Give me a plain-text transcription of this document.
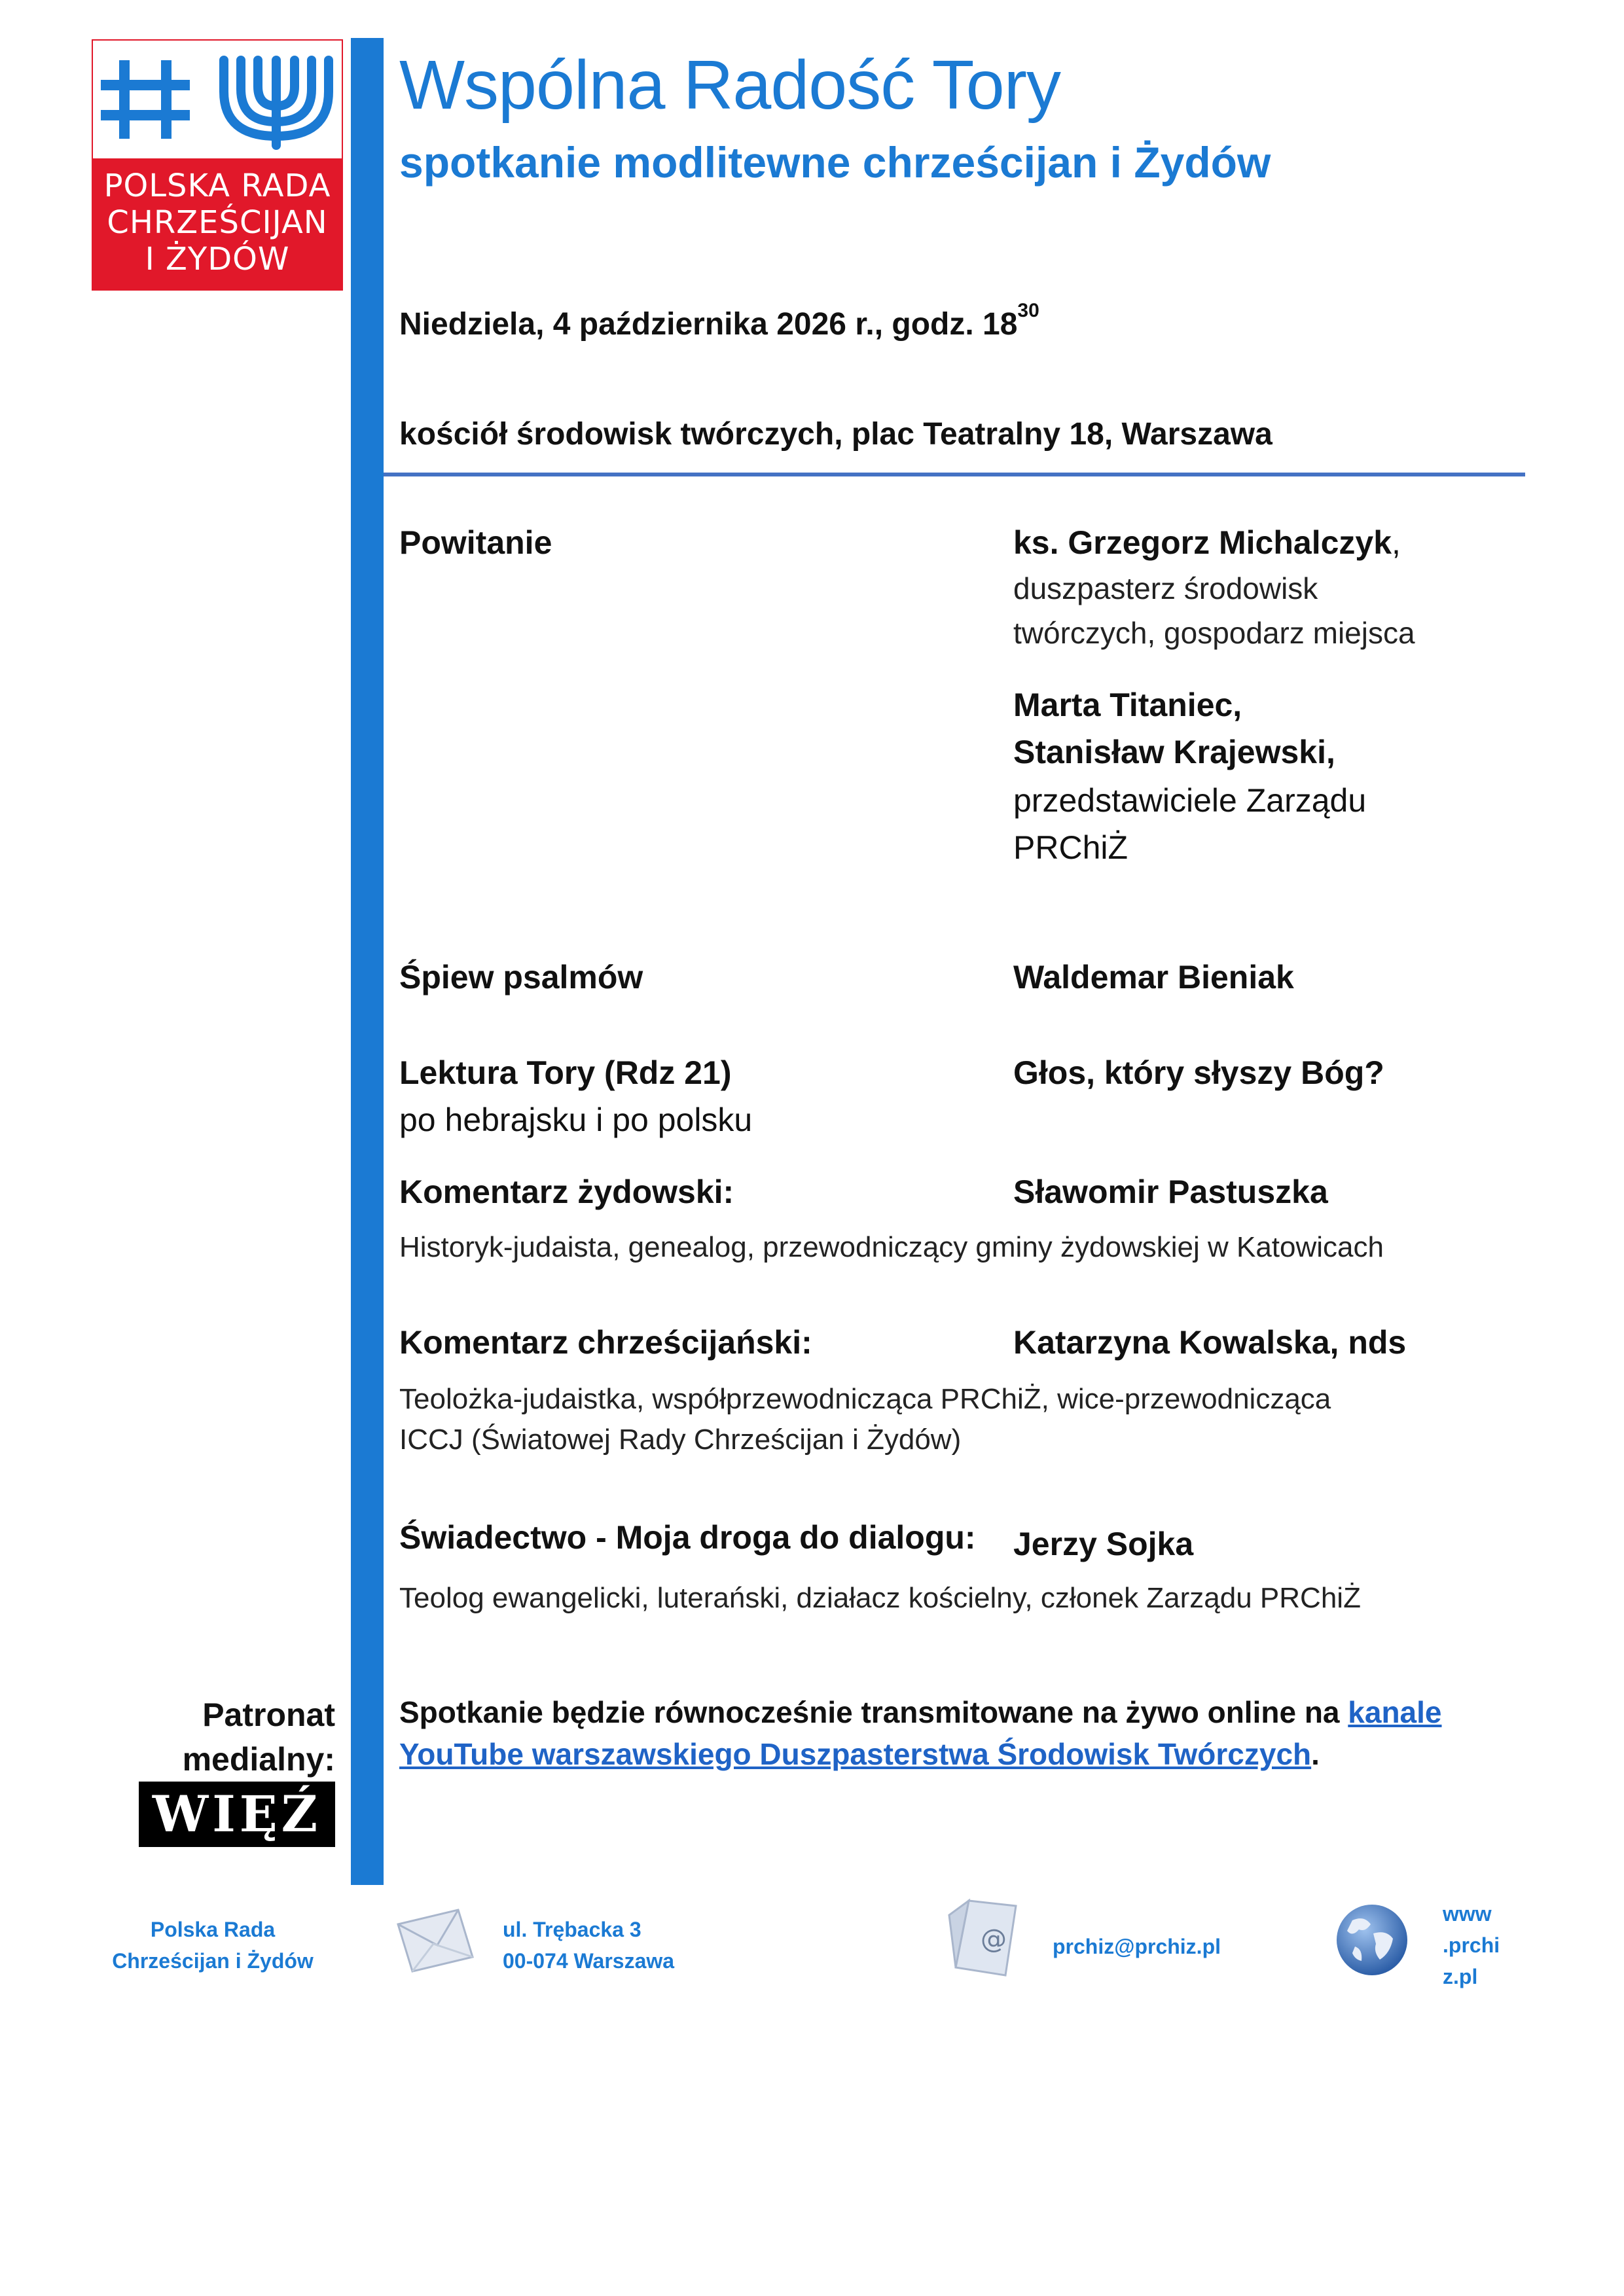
POLSKA RADA
CHRZEŚCIJAN
I ŻYDÓW
Wspólna Radość Tory
spotkanie modlitewne chrześcijan i Żydów
Niedziela, 4 października 2026 r., godz. $18^{30}$
kościół środowisk twórczych, plac Teatralny 18, Warszawa
Powitanie	ks. Grzegorz Michalczyk,
duszpasterz środowisk
twórczych, gospodarz miejsca
Marta Titaniec,
Stanisław Krajewski,
przedstawiciele Zarządu
PRChiŻ
Śpiew psalmów	Waldemar Bieniak
Lektura Tory (Rdz 21)	Głos, który słyszy Bóg?
po hebrajsku i po polsku
Komentarz żydowski:	Sławomir Pastuszka
Historyk-judaista, genealog, przewodniczący gminy żydowskiej w Katowicach
Komentarz chrześcijański:	Katarzyna Kowalska, nds
Teolożka-judaistka, współprzewodnicząca PRChiŻ, wice-przewodnicząca
ICCJ (Światowej Rady Chrześcijan i Żydów)
Świadectwo - Moja droga do dialogu: Jerzy Sojka
Teolog ewangelicki, luterański, działacz kościelny, członek Zarządu PRChiŻ
Patronat
medialny:
WIĘŹ
Spotkanie będzie równocześnie transmitowane na żywo online na kanale
YouTube warszawskiego Duszpasterstwa Środowisk Twórczych.
Polska Rada
Chrześcijan i Żydów
ul. Trębacka 3
00-074 Warszawa
@ prchiz@prchiz.pl
www
.prchi
z.pl
